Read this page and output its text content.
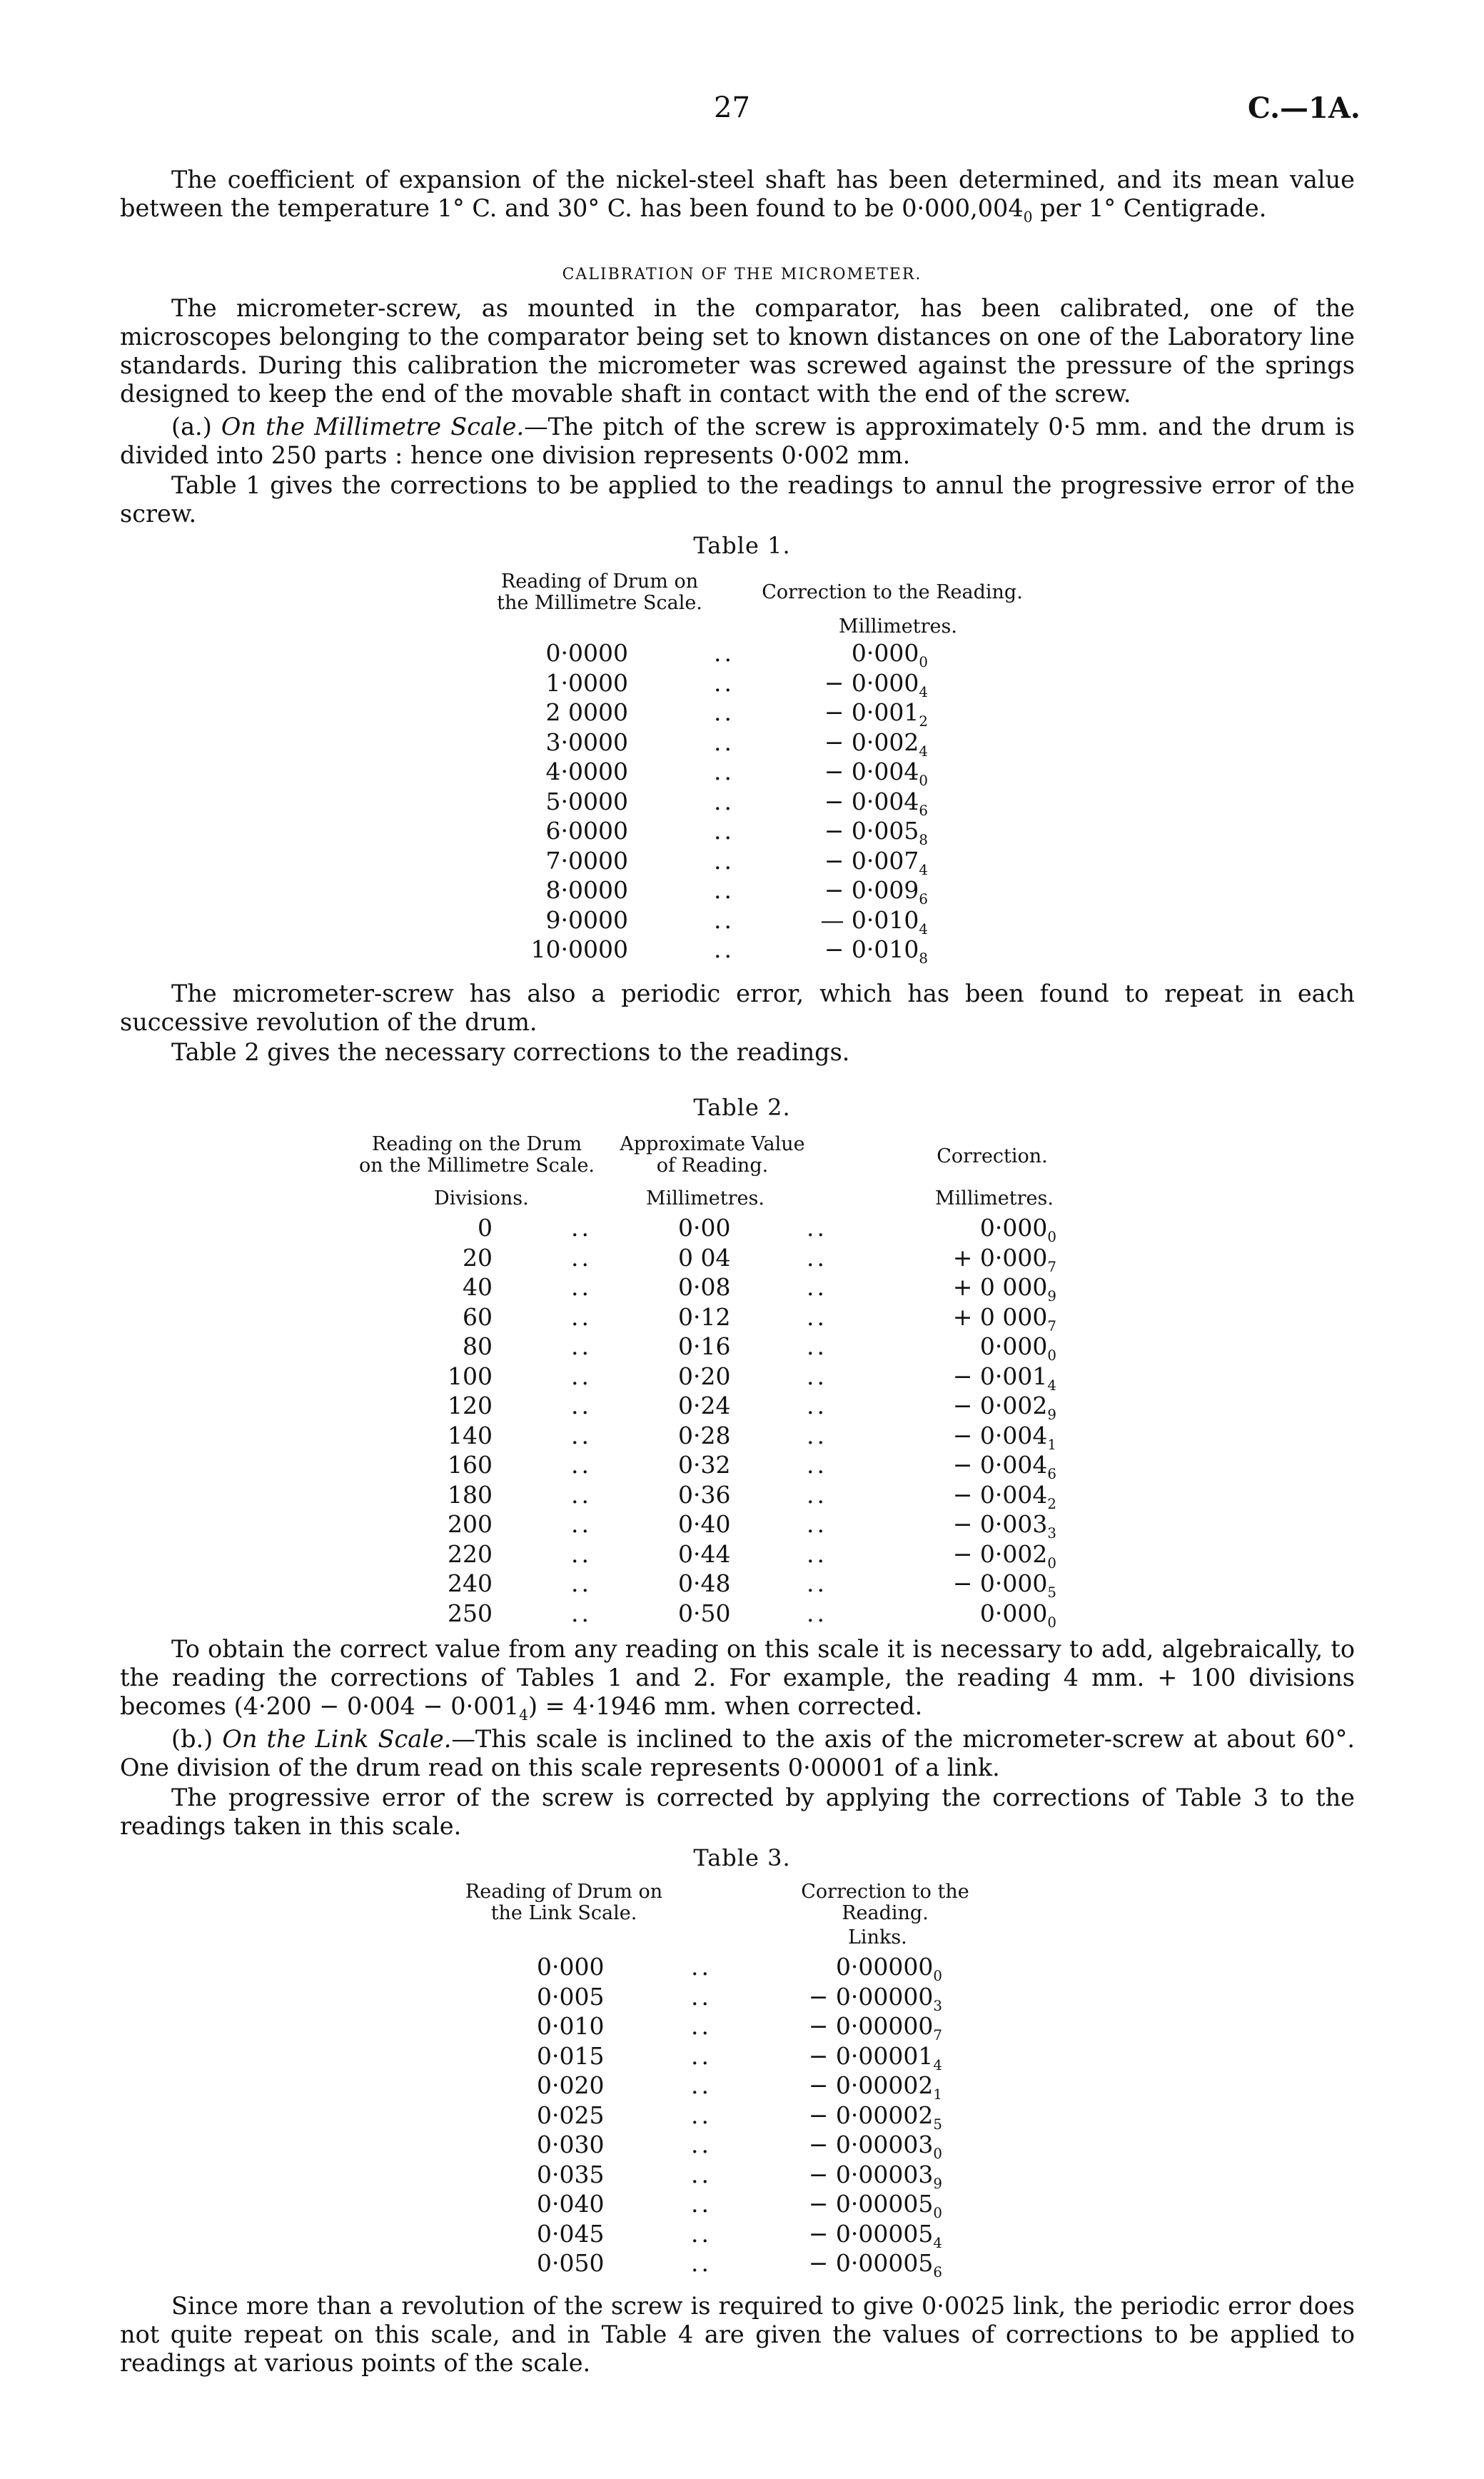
27	C.—1A.

The coefficient of expansion of the nickel-steel shaft has been determined, and its mean value between the temperature 1° C. and 30° C. has been found to be $0\cdot 000,004_0$ per 1° Centigrade.

CALIBRATION OF THE MICROMETER.

The micrometer-screw, as mounted in the comparator, has been calibrated, one of the microscopes belonging to the comparator being set to known distances on one of the Laboratory line standards. During this calibration the micrometer was screwed against the pressure of the springs designed to keep the end of the movable shaft in contact with the end of the screw.

(a.) On the Millimetre Scale.—The pitch of the screw is approximately 0·5 mm. and the drum is divided into 250 parts : hence one division represents 0·002 mm.

Table 1 gives the corrections to be applied to the readings to annul the progressive error of the screw.

Table 1.
Reading of Drum on
the Millimetre Scale.	Correction to the Reading.
Millimetres.
0·0000	..	$0\cdot 000_0$
1·0000	..	− $0\cdot 000_4$
2 0000	..	− $0\cdot 001_2$
3·0000	..	− $0\cdot 002_4$
4·0000	..	− $0\cdot 004_0$
5·0000	..	− $0\cdot 004_6$
6·0000	..	− $0\cdot 005_8$
7·0000	..	− $0\cdot 007_4$
8·0000	..	− $0\cdot 009_6$
9·0000	..	— $0\cdot 010_4$
10·0000	..	− $0\cdot 010_8$

The micrometer-screw has also a periodic error, which has been found to repeat in each successive revolution of the drum.

Table 2 gives the necessary corrections to the readings.

Table 2.
Reading on the Drum
on the Millimetre Scale.
Approximate Value
of Reading.	Correction.
Divisions.	Millimetres.	Millimetres.
0	..	0·00	..	$0\cdot 000_0$
20	..	0 04	..	+ $0\cdot 000_7$
40	..	0·08	..	+ 0 $000_9$
60	..	0·12	..	+ 0 $000_7$
80	..	0·16	..	$0\cdot 000_0$
100	..	0·20	..	− $0\cdot 001_4$
120	..	0·24	..	− $0\cdot 002_9$
140	..	0·28	..	− $0\cdot 004_1$
160	..	0·32	..	− $0\cdot 004_6$
180	..	0·36	..	− $0\cdot 004_2$
200	..	0·40	..	− $0\cdot 003_3$
220	..	0·44	..	− $0\cdot 002_0$
240	..	0·48	..	− $0\cdot 000_5$
250	..	0·50	..	$0\cdot 000_0$

To obtain the correct value from any reading on this scale it is necessary to add, algebraically, to the reading the corrections of Tables 1 and 2. For example, the reading 4 mm. + 100 divisions becomes $(4\cdot 200 - 0\cdot 004 - 0\cdot 001_4) = 4\cdot 1946$ mm. when corrected.

(b.) On the Link Scale.—This scale is inclined to the axis of the micrometer-screw at about 60°. One division of the drum read on this scale represents 0·00001 of a link.

The progressive error of the screw is corrected by applying the corrections of Table 3 to the readings taken in this scale.

Table 3.
Reading of Drum on
the Link Scale.
Correction to the
Reading.
Links.
0·000	..	$0\cdot 00000_0$
0·005	..	− $0\cdot 00000_3$
0·010	..	− $0\cdot 00000_7$
0·015	..	− $0\cdot 00001_4$
0·020	..	− $0\cdot 00002_1$
0·025	..	− $0\cdot 00002_5$
0·030	..	− $0\cdot 00003_0$
0·035	..	− $0\cdot 00003_9$
0·040	..	− $0\cdot 00005_0$
0·045	..	− $0\cdot 00005_4$
0·050	..	− $0\cdot 00005_6$

Since more than a revolution of the screw is required to give 0·0025 link, the periodic error does not quite repeat on this scale, and in Table 4 are given the values of corrections to be applied to readings at various points of the scale.
